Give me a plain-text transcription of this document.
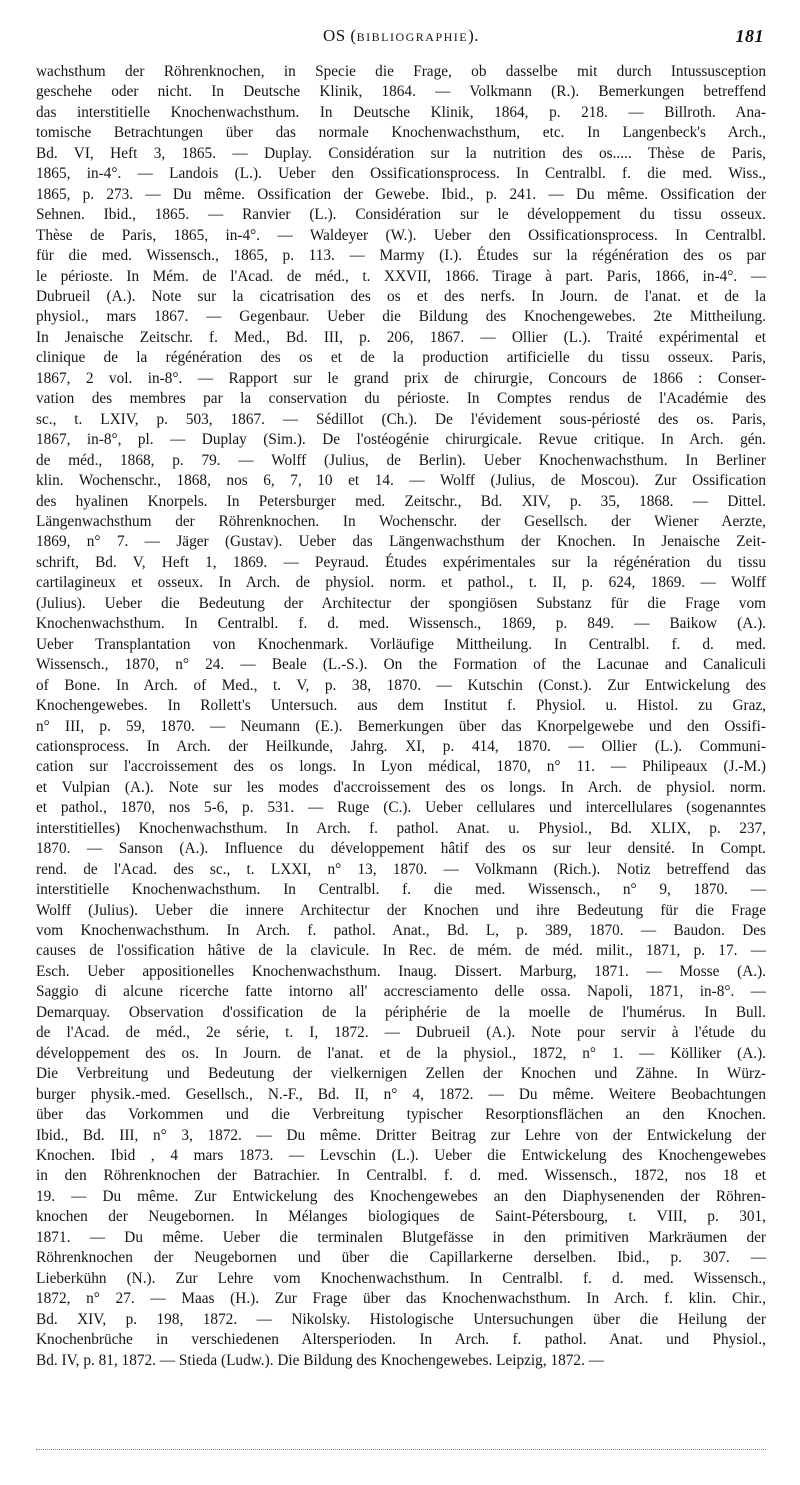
OS (bibliographie).	181
wachsthum der Röhrenknochen, in Specie die Frage, ob dasselbe mit durch Intussusception
geschehe oder nicht. In Deutsche Klinik, 1864. — Volkmann (R.). Bemerkungen betreffend
das interstitielle Knochenwachsthum. In Deutsche Klinik, 1864, p. 218. — Billroth. Ana-
tomische Betrachtungen über das normale Knochenwachsthum, etc. In Langenbeck's Arch.,
Bd. VI, Heft 3, 1865. — Duplay. Considération sur la nutrition des os..... Thèse de Paris,
1865, in-4°. — Landois (L.). Ueber den Ossificationsprocess. In Centralbl. f. die med. Wiss.,
1865, p. 273. — Du même. Ossification der Gewebe. Ibid., p. 241. — Du même. Ossification der
Sehnen. Ibid., 1865. — Ranvier (L.). Considération sur le développement du tissu osseux.
Thèse de Paris, 1865, in-4°. — Waldeyer (W.). Ueber den Ossificationsprocess. In Centralbl.
für die med. Wissensch., 1865, p. 113. — Marmy (I.). Études sur la régénération des os par
le périoste. In Mém. de l'Acad. de méd., t. XXVII, 1866. Tirage à part. Paris, 1866, in-4°. —
Dubrueil (A.). Note sur la cicatrisation des os et des nerfs. In Journ. de l'anat. et de la
physiol., mars 1867. — Gegenbaur. Ueber die Bildung des Knochengewebes. 2te Mittheilung.
In Jenaische Zeitschr. f. Med., Bd. III, p. 206, 1867. — Ollier (L.). Traité expérimental et
clinique de la régénération des os et de la production artificielle du tissu osseux. Paris,
1867, 2 vol. in-8°. — Rapport sur le grand prix de chirurgie, Concours de 1866 : Conser-
vation des membres par la conservation du périoste. In Comptes rendus de l'Académie des
sc., t. LXIV, p. 503, 1867. — Sédillot (Ch.). De l'évidement sous-périosté des os. Paris,
1867, in-8°, pl. — Duplay (Sim.). De l'ostéogénie chirurgicale. Revue critique. In Arch. gén.
de méd., 1868, p. 79. — Wolff (Julius, de Berlin). Ueber Knochenwachsthum. In Berliner
klin. Wochenschr., 1868, nos 6, 7, 10 et 14. — Wolff (Julius, de Moscou). Zur Ossification
des hyalinen Knorpels. In Petersburger med. Zeitschr., Bd. XIV, p. 35, 1868. — Dittel.
Längenwachsthum der Röhrenknochen. In Wochenschr. der Gesellsch. der Wiener Aerzte,
1869, n° 7. — Jäger (Gustav). Ueber das Längenwachsthum der Knochen. In Jenaische Zeit-
schrift, Bd. V, Heft 1, 1869. — Peyraud. Études expérimentales sur la régénération du tissu
cartilagineux et osseux. In Arch. de physiol. norm. et pathol., t. II, p. 624, 1869. — Wolff
(Julius). Ueber die Bedeutung der Architectur der spongiösen Substanz für die Frage vom
Knochenwachsthum. In Centralbl. f. d. med. Wissensch., 1869, p. 849. — Baikow (A.).
Ueber Transplantation von Knochenmark. Vorläufige Mittheilung. In Centralbl. f. d. med.
Wissensch., 1870, n° 24. — Beale (L.-S.). On the Formation of the Lacunae and Canaliculi
of Bone. In Arch. of Med., t. V, p. 38, 1870. — Kutschin (Const.). Zur Entwickelung des
Knochengewebes. In Rollett's Untersuch. aus dem Institut f. Physiol. u. Histol. zu Graz,
n° III, p. 59, 1870. — Neumann (E.). Bemerkungen über das Knorpelgewebe und den Ossifi-
cationsprocess. In Arch. der Heilkunde, Jahrg. XI, p. 414, 1870. — Ollier (L.). Communi-
cation sur l'accroissement des os longs. In Lyon médical, 1870, n° 11. — Philipeaux (J.-M.)
et Vulpian (A.). Note sur les modes d'accroissement des os longs. In Arch. de physiol. norm.
et pathol., 1870, nos 5-6, p. 531. — Ruge (C.). Ueber cellulares und intercellulares (sogenanntes
interstitielles) Knochenwachsthum. In Arch. f. pathol. Anat. u. Physiol., Bd. XLIX, p. 237,
1870. — Sanson (A.). Influence du développement hâtif des os sur leur densité. In Compt.
rend. de l'Acad. des sc., t. LXXI, n° 13, 1870. — Volkmann (Rich.). Notiz betreffend das
interstitielle Knochenwachsthum. In Centralbl. f. die med. Wissensch., n° 9, 1870. —
Wolff (Julius). Ueber die innere Architectur der Knochen und ihre Bedeutung für die Frage
vom Knochenwachsthum. In Arch. f. pathol. Anat., Bd. L, p. 389, 1870. — Baudon. Des
causes de l'ossification hâtive de la clavicule. In Rec. de mém. de méd. milit., 1871, p. 17. —
Esch. Ueber appositionelles Knochenwachsthum. Inaug. Dissert. Marburg, 1871. — Mosse (A.).
Saggio di alcune ricerche fatte intorno all' accresciamento delle ossa. Napoli, 1871, in-8°. —
Demarquay. Observation d'ossification de la périphérie de la moelle de l'humérus. In Bull.
de l'Acad. de méd., 2e série, t. I, 1872. — Dubrueil (A.). Note pour servir à l'étude du
développement des os. In Journ. de l'anat. et de la physiol., 1872, n° 1. — Kölliker (A.).
Die Verbreitung und Bedeutung der vielkernigen Zellen der Knochen und Zähne. In Würz-
burger physik.-med. Gesellsch., N.-F., Bd. II, n° 4, 1872. — Du même. Weitere Beobachtungen
über das Vorkommen und die Verbreitung typischer Resorptionsflächen an den Knochen.
Ibid., Bd. III, n° 3, 1872. — Du même. Dritter Beitrag zur Lehre von der Entwickelung der
Knochen. Ibid , 4 mars 1873. — Levschin (L.). Ueber die Entwickelung des Knochengewebes
in den Röhrenknochen der Batrachier. In Centralbl. f. d. med. Wissensch., 1872, nos 18 et
19. — Du même. Zur Entwickelung des Knochengewebes an den Diaphysenenden der Röhren-
knochen der Neugebornen. In Mélanges biologiques de Saint-Pétersbourg, t. VIII, p. 301,
1871. — Du même. Ueber die terminalen Blutgefässe in den primitiven Markräumen der
Röhrenknochen der Neugebornen und über die Capillarkerne derselben. Ibid., p. 307. —
Lieberkühn (N.). Zur Lehre vom Knochenwachsthum. In Centralbl. f. d. med. Wissensch.,
1872, n° 27. — Maas (H.). Zur Frage über das Knochenwachsthum. In Arch. f. klin. Chir.,
Bd. XIV, p. 198, 1872. — Nikolsky. Histologische Untersuchungen über die Heilung der
Knochenbrüche in verschiedenen Altersperioden. In Arch. f. pathol. Anat. und Physiol.,
Bd. IV, p. 81, 1872. — Stieda (Ludw.). Die Bildung des Knochengewebes. Leipzig, 1872. —
